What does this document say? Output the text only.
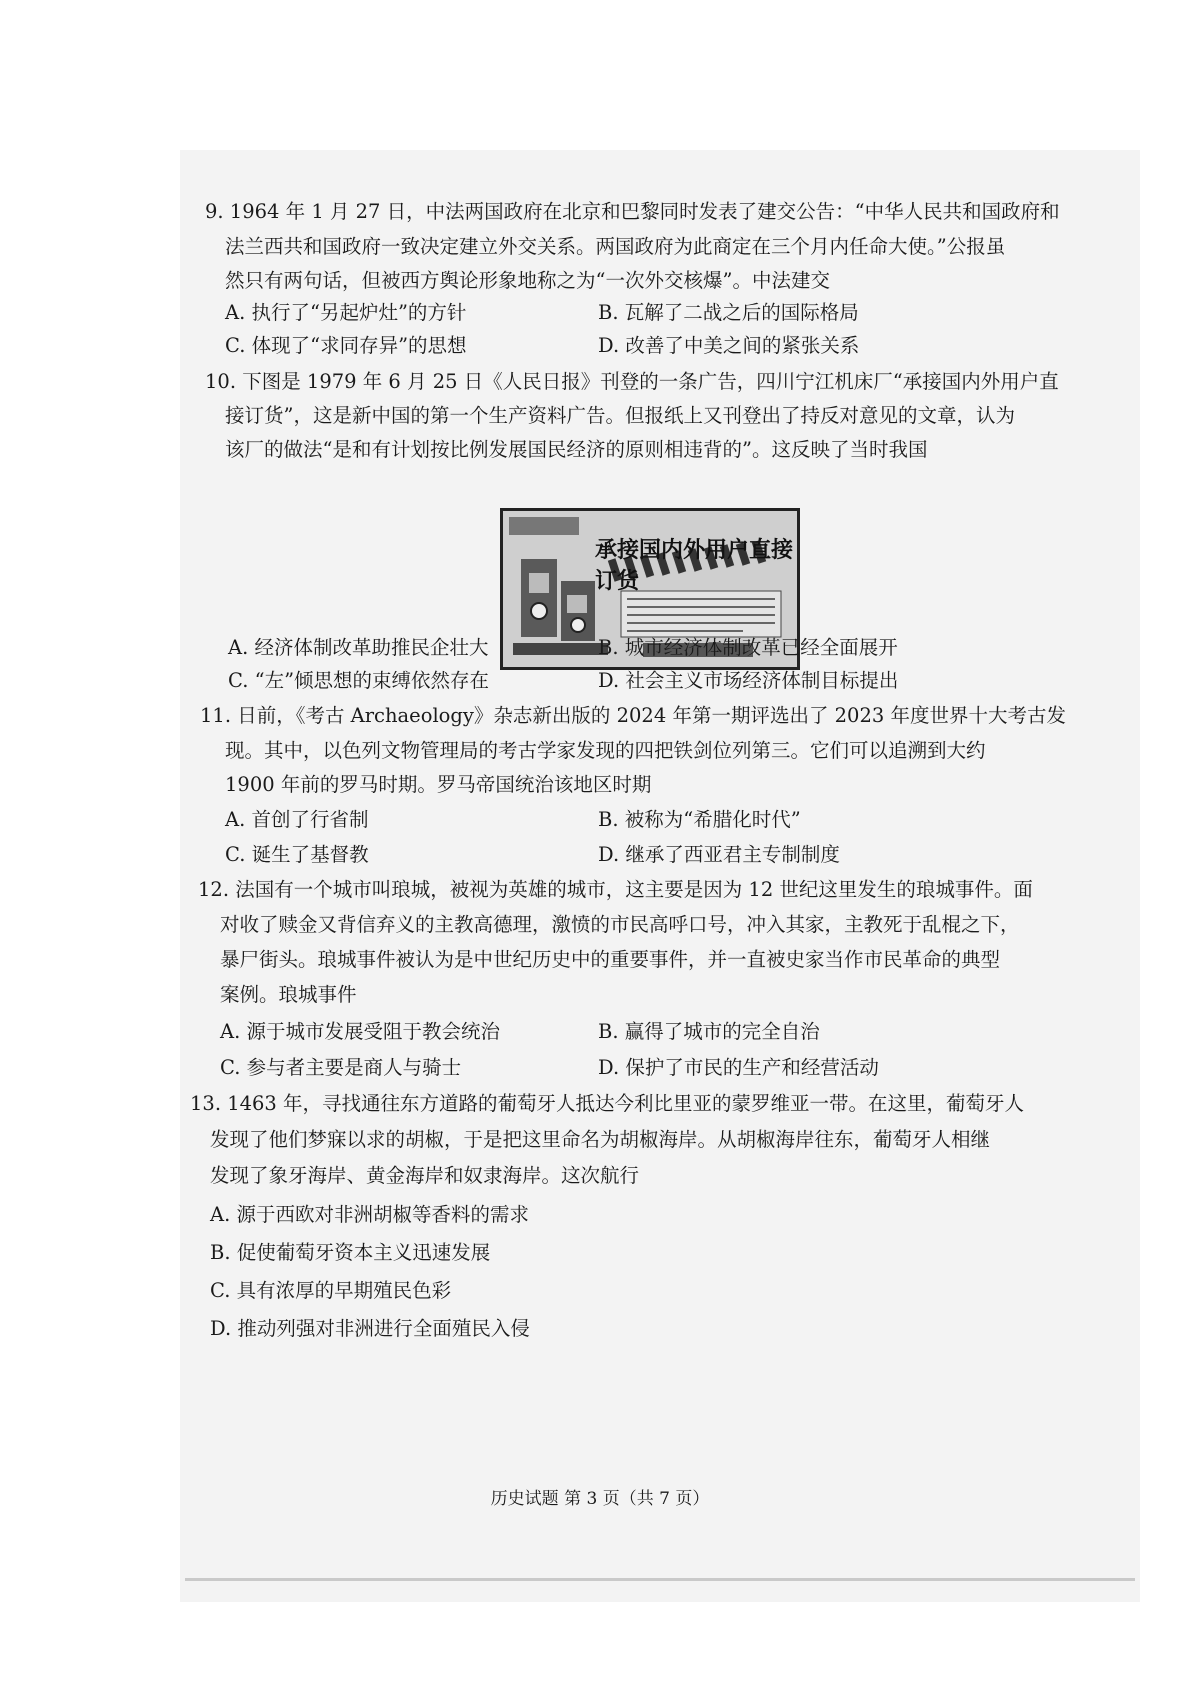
9. 1964 年 1 月 27 日，中法两国政府在北京和巴黎同时发表了建交公告：“中华人民共和国政府和
法兰西共和国政府一致决定建立外交关系。两国政府为此商定在三个月内任命大使。”公报虽
然只有两句话，但被西方舆论形象地称之为“一次外交核爆”。中法建交
A. 执行了“另起炉灶”的方针	B. 瓦解了二战之后的国际格局
C. 体现了“求同存异”的思想	D. 改善了中美之间的紧张关系
10. 下图是 1979 年 6 月 25 日《人民日报》刊登的一条广告，四川宁江机床厂“承接国内外用户直
接订货”，这是新中国的第一个生产资料广告。但报纸上又刊登出了持反对意见的文章，认为
该厂的做法“是和有计划按比例发展国民经济的原则相违背的”。这反映了当时我国
承接国内外用户直接订货
A. 经济体制改革助推民企壮大	B. 城市经济体制改革已经全面展开
C. “左”倾思想的束缚依然存在	D. 社会主义市场经济体制目标提出
11. 日前，《考古 Archaeology》杂志新出版的 2024 年第一期评选出了 2023 年度世界十大考古发
现。其中，以色列文物管理局的考古学家发现的四把铁剑位列第三。它们可以追溯到大约
1900 年前的罗马时期。罗马帝国统治该地区时期
A. 首创了行省制	B. 被称为“希腊化时代”
C. 诞生了基督教	D. 继承了西亚君主专制制度
12. 法国有一个城市叫琅城，被视为英雄的城市，这主要是因为 12 世纪这里发生的琅城事件。面
对收了赎金又背信弃义的主教高德理，激愤的市民高呼口号，冲入其家，主教死于乱棍之下，
暴尸街头。琅城事件被认为是中世纪历史中的重要事件，并一直被史家当作市民革命的典型
案例。琅城事件
A. 源于城市发展受阻于教会统治	B. 赢得了城市的完全自治
C. 参与者主要是商人与骑士	D. 保护了市民的生产和经营活动
13. 1463 年，寻找通往东方道路的葡萄牙人抵达今利比里亚的蒙罗维亚一带。在这里，葡萄牙人
发现了他们梦寐以求的胡椒，于是把这里命名为胡椒海岸。从胡椒海岸往东，葡萄牙人相继
发现了象牙海岸、黄金海岸和奴隶海岸。这次航行
A. 源于西欧对非洲胡椒等香料的需求
B. 促使葡萄牙资本主义迅速发展
C. 具有浓厚的早期殖民色彩
D. 推动列强对非洲进行全面殖民入侵
历史试题 第 3 页（共 7 页）
